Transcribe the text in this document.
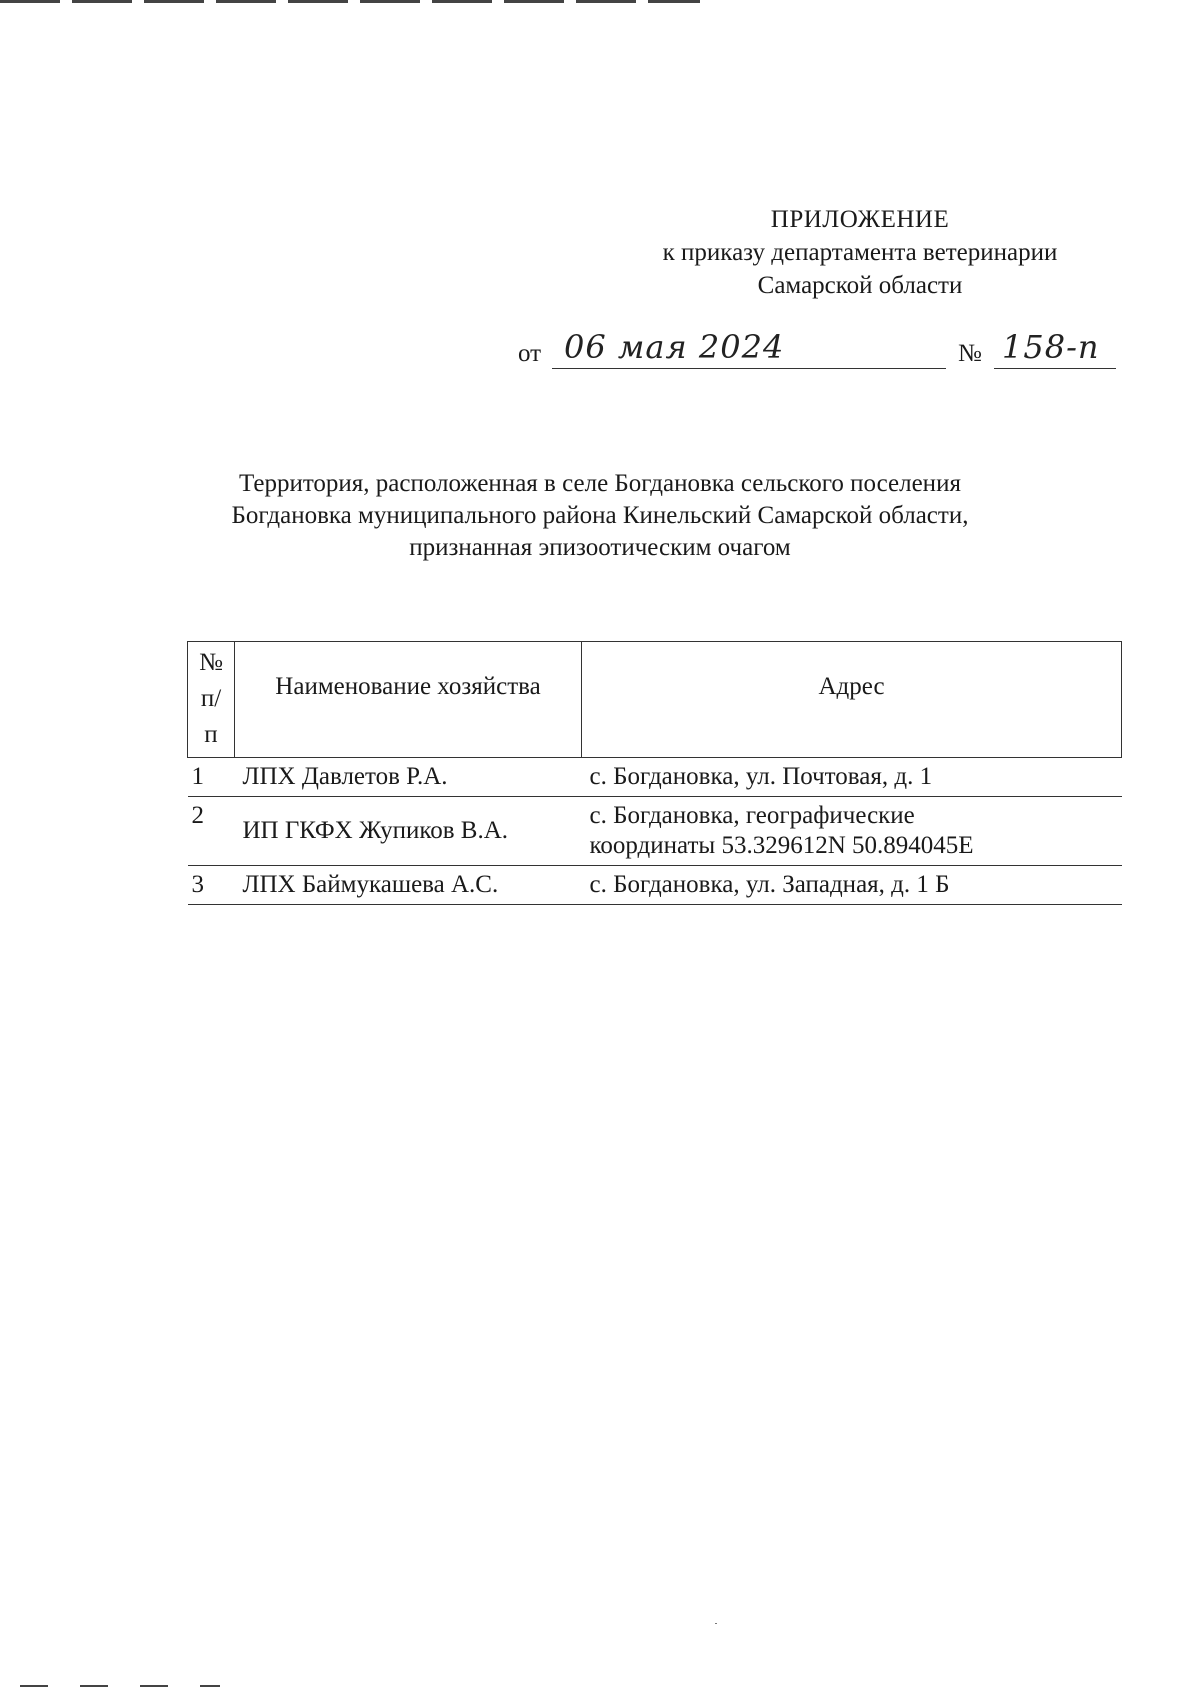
ПРИЛОЖЕНИЕ
к приказу департамента ветеринарии
Самарской области
от 06 мая 2024	№ 158-п
Территория, расположенная в селе Богдановка сельского поселения
Богдановка муниципального района Кинельский Самарской области,
признанная эпизоотическим очагом
№
п/п	Наименование хозяйства	Адрес
1	ЛПХ Давлетов Р.А.	с. Богдановка, ул. Почтовая, д. 1

2	ИП ГКФХ Жупиков В.А.	с. Богдановка, географические
координаты 53.329612N 50.894045E

3	ЛПХ Баймукашева А.С.	с. Богдановка, ул. Западная, д. 1 Б
